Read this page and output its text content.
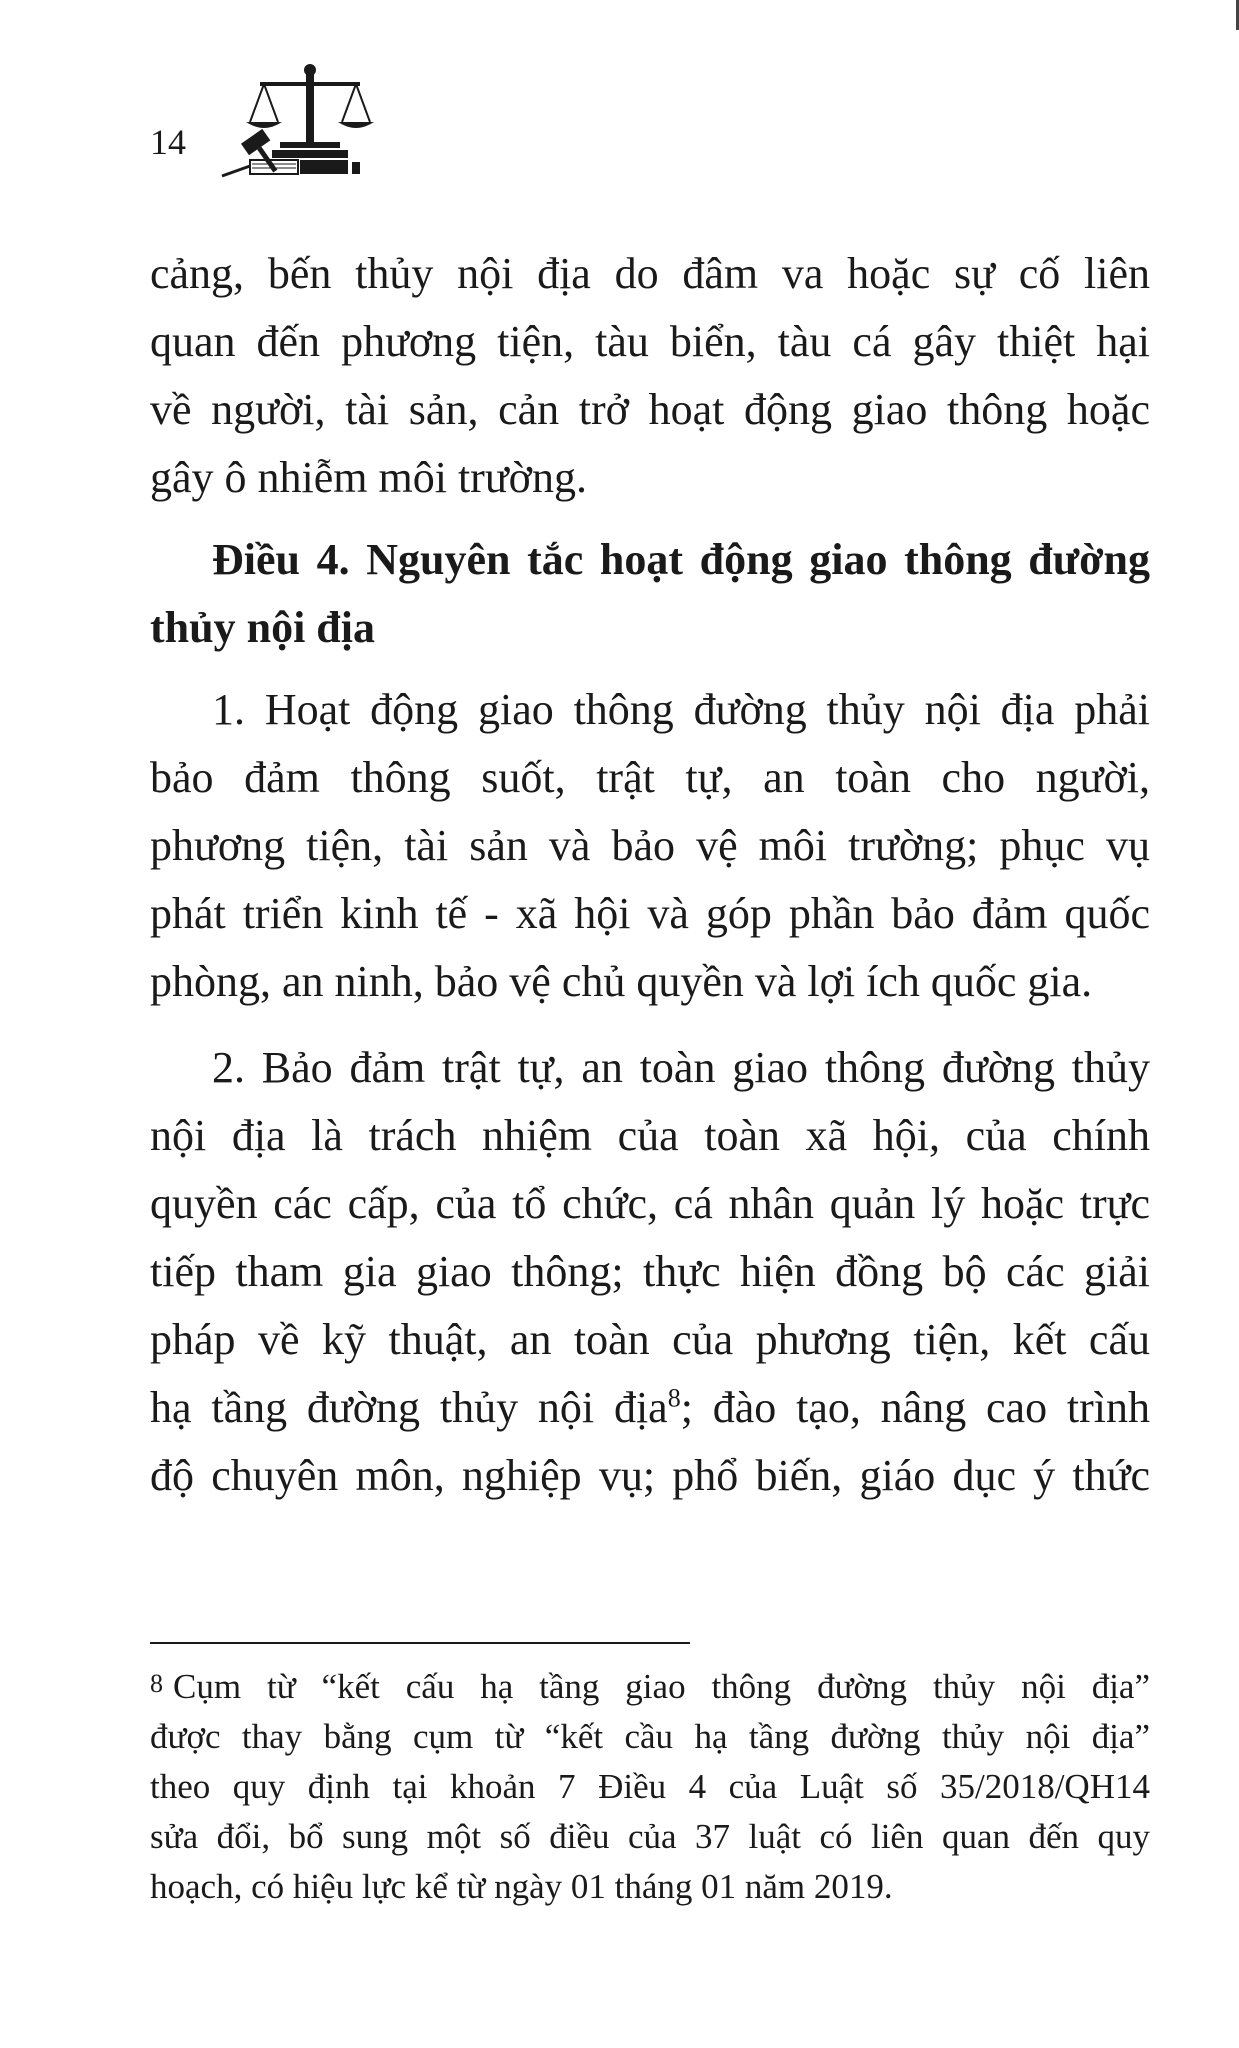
14
cảng, bến thủy nội địa do đâm va hoặc sự cố liên
quan đến phương tiện, tàu biển, tàu cá gây thiệt hại
về người, tài sản, cản trở hoạt động giao thông hoặc
gây ô nhiễm môi trường.
Điều 4. Nguyên tắc hoạt động giao thông đường
thủy nội địa
1. Hoạt động giao thông đường thủy nội địa phải
bảo đảm thông suốt, trật tự, an toàn cho người,
phương tiện, tài sản và bảo vệ môi trường; phục vụ
phát triển kinh tế - xã hội và góp phần bảo đảm quốc
phòng, an ninh, bảo vệ chủ quyền và lợi ích quốc gia.
2. Bảo đảm trật tự, an toàn giao thông đường thủy
nội địa là trách nhiệm của toàn xã hội, của chính
quyền các cấp, của tổ chức, cá nhân quản lý hoặc trực
tiếp tham gia giao thông; thực hiện đồng bộ các giải
pháp về kỹ thuật, an toàn của phương tiện, kết cấu
hạ tầng đường thủy nội địa$^8$; đào tạo, nâng cao trình
độ chuyên môn, nghiệp vụ; phổ biến, giáo dục ý thức
8 Cụm từ “kết cấu hạ tầng giao thông đường thủy nội địa”
được thay bằng cụm từ “kết cầu hạ tầng đường thủy nội địa”
theo quy định tại khoản 7 Điều 4 của Luật số 35/2018/QH14
sửa đổi, bổ sung một số điều của 37 luật có liên quan đến quy
hoạch, có hiệu lực kể từ ngày 01 tháng 01 năm 2019.
